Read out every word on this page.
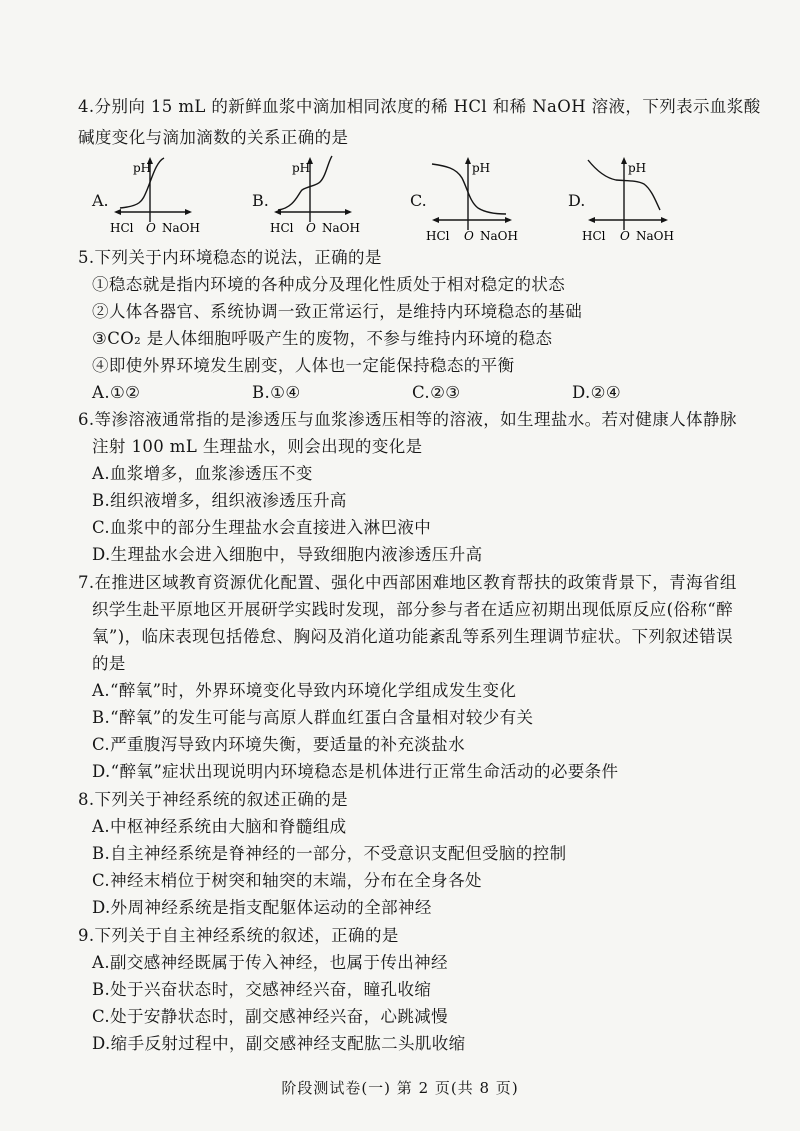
4.分别向 15 mL 的新鲜血浆中滴加相同浓度的稀 HCl 和稀 NaOH 溶液，下列表示血浆酸
碱度变化与滴加滴数的关系正确的是
A.
pH
HCl O NaOH
B.
pH
HCl O NaOH
C.
pH
HCl O NaOH
D.
pH
HCl O NaOH
5.下列关于内环境稳态的说法，正确的是
①稳态就是指内环境的各种成分及理化性质处于相对稳定的状态
②人体各器官、系统协调一致正常运行，是维持内环境稳态的基础
③CO₂ 是人体细胞呼吸产生的废物，不参与维持内环境的稳态
④即使外界环境发生剧变，人体也一定能保持稳态的平衡
A.①②	B.①④	C.②③	D.②④
6.等渗溶液通常指的是渗透压与血浆渗透压相等的溶液，如生理盐水。若对健康人体静脉
注射 100 mL 生理盐水，则会出现的变化是
A.血浆增多，血浆渗透压不变
B.组织液增多，组织液渗透压升高
C.血浆中的部分生理盐水会直接进入淋巴液中
D.生理盐水会进入细胞中，导致细胞内液渗透压升高
7.在推进区域教育资源优化配置、强化中西部困难地区教育帮扶的政策背景下，青海省组
织学生赴平原地区开展研学实践时发现，部分参与者在适应初期出现低原反应(俗称“醉
氧”)，临床表现包括倦怠、胸闷及消化道功能紊乱等系列生理调节症状。下列叙述错误
的是
A.“醉氧”时，外界环境变化导致内环境化学组成发生变化
B.“醉氧”的发生可能与高原人群血红蛋白含量相对较少有关
C.严重腹泻导致内环境失衡，要适量的补充淡盐水
D.“醉氧”症状出现说明内环境稳态是机体进行正常生命活动的必要条件
8.下列关于神经系统的叙述正确的是
A.中枢神经系统由大脑和脊髓组成
B.自主神经系统是脊神经的一部分，不受意识支配但受脑的控制
C.神经末梢位于树突和轴突的末端，分布在全身各处
D.外周神经系统是指支配躯体运动的全部神经
9.下列关于自主神经系统的叙述，正确的是
A.副交感神经既属于传入神经，也属于传出神经
B.处于兴奋状态时，交感神经兴奋，瞳孔收缩
C.处于安静状态时，副交感神经兴奋，心跳减慢
D.缩手反射过程中，副交感神经支配肱二头肌收缩
阶段测试卷(一) 第 2 页(共 8 页)
